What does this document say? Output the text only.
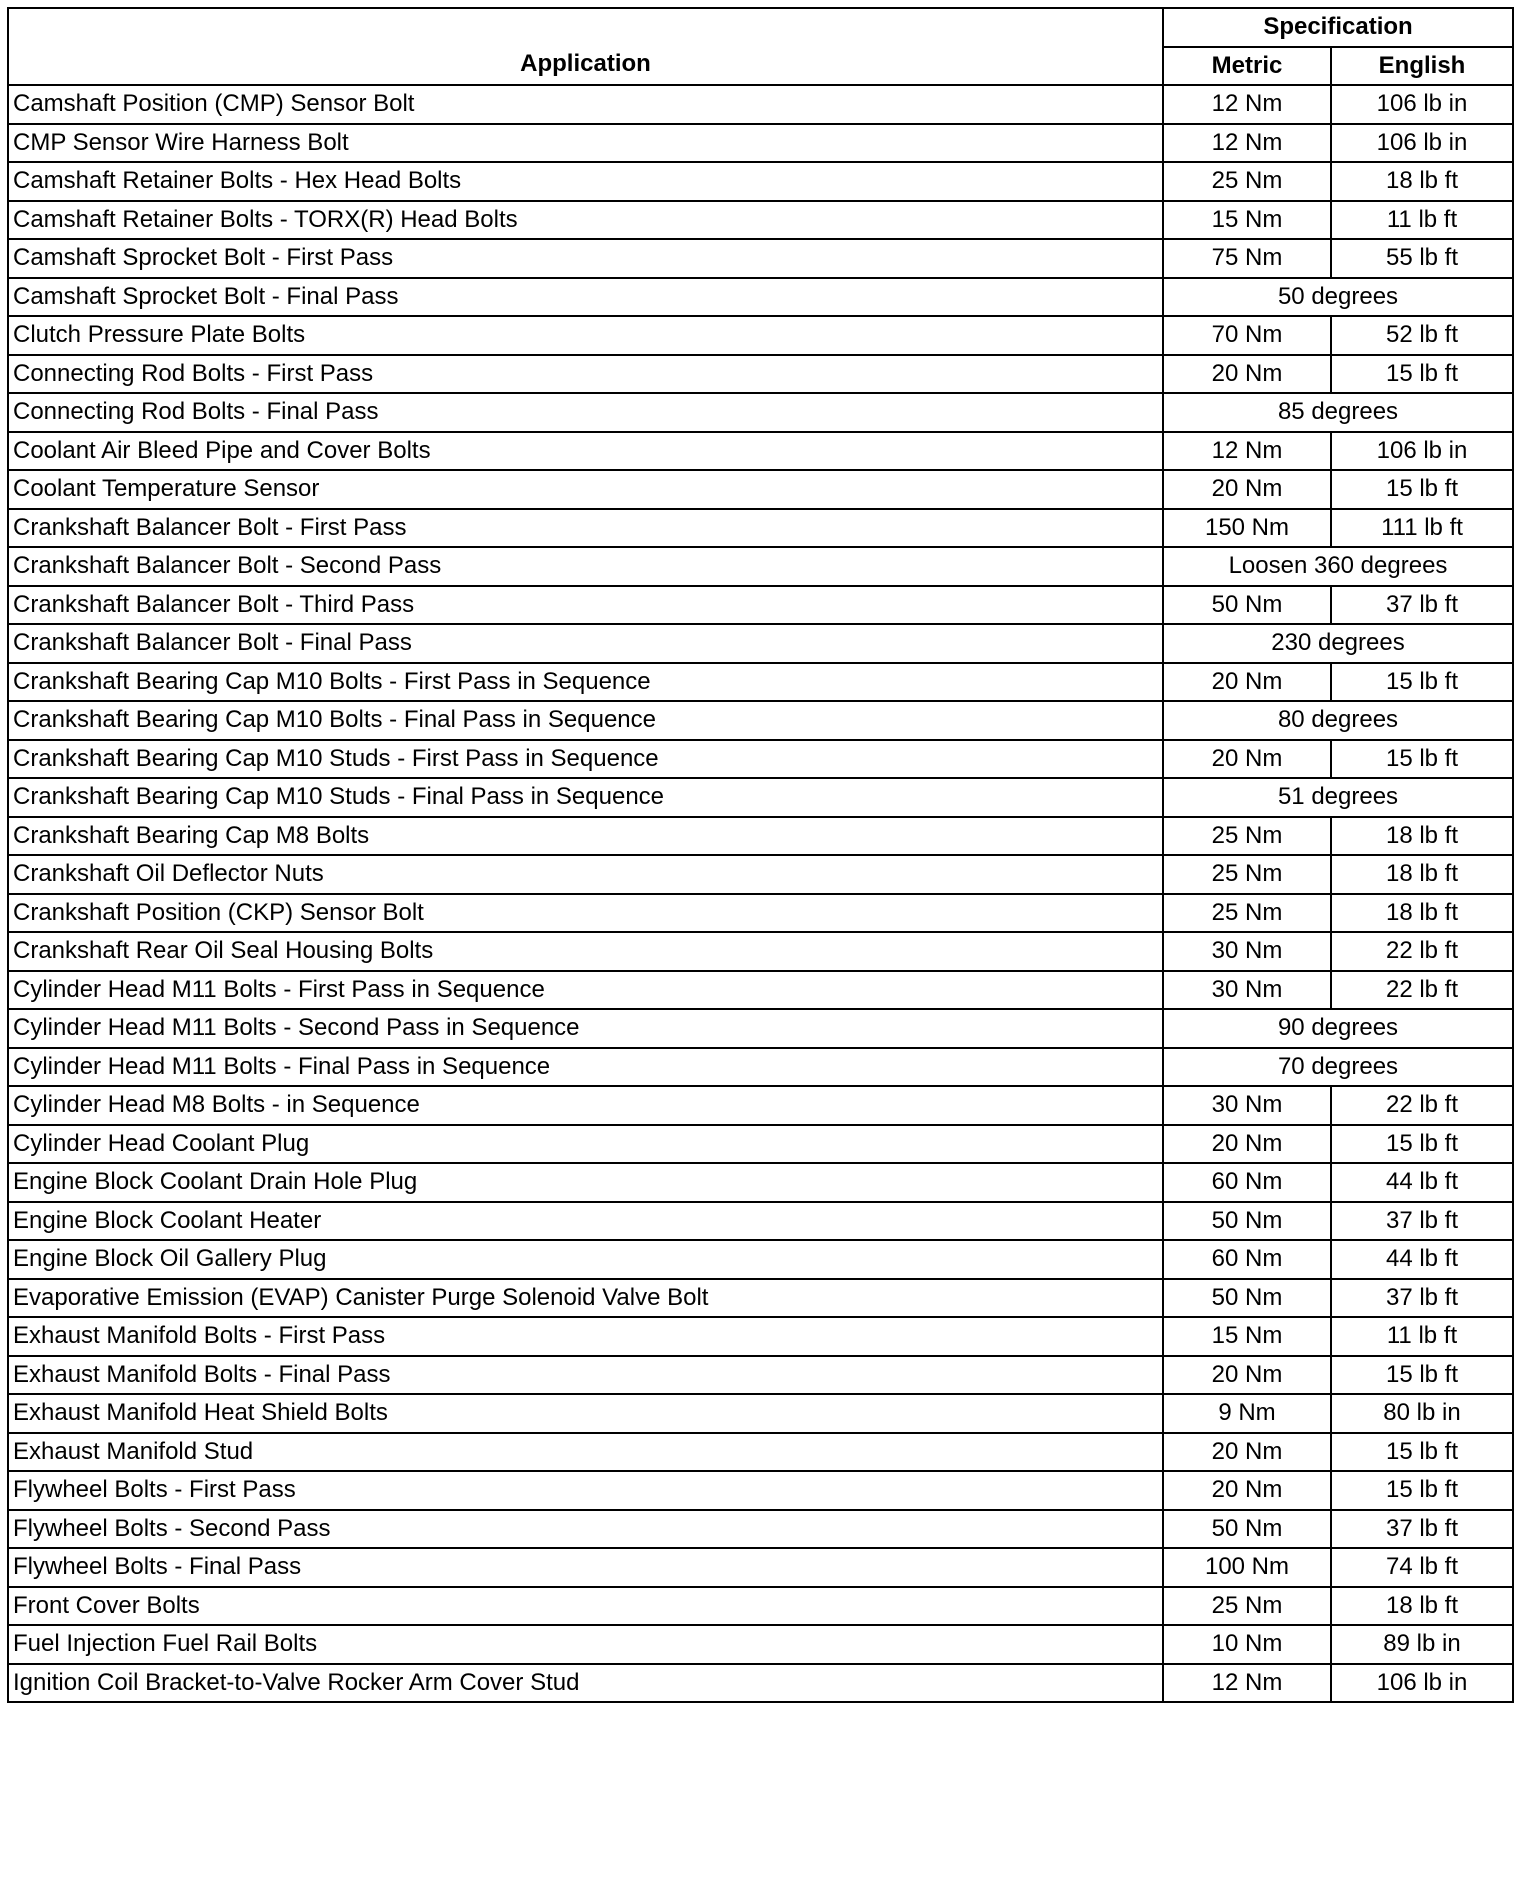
Application	Specification	
	Metric	English
Camshaft Position (CMP) Sensor Bolt	12 Nm	106 lb in
CMP Sensor Wire Harness Bolt	12 Nm	106 lb in
Camshaft Retainer Bolts - Hex Head Bolts	25 Nm	18 lb ft
Camshaft Retainer Bolts - TORX(R) Head Bolts	15 Nm	11 lb ft
Camshaft Sprocket Bolt - First Pass	75 Nm	55 lb ft
Camshaft Sprocket Bolt - Final Pass	50 degrees	
Clutch Pressure Plate Bolts	70 Nm	52 lb ft
Connecting Rod Bolts - First Pass	20 Nm	15 lb ft
Connecting Rod Bolts - Final Pass	85 degrees	
Coolant Air Bleed Pipe and Cover Bolts	12 Nm	106 lb in
Coolant Temperature Sensor	20 Nm	15 lb ft
Crankshaft Balancer Bolt - First Pass	150 Nm	111 lb ft
Crankshaft Balancer Bolt - Second Pass	Loosen 360 degrees	
Crankshaft Balancer Bolt - Third Pass	50 Nm	37 lb ft
Crankshaft Balancer Bolt - Final Pass	230 degrees	
Crankshaft Bearing Cap M10 Bolts - First Pass in Sequence	20 Nm	15 lb ft
Crankshaft Bearing Cap M10 Bolts - Final Pass in Sequence	80 degrees	
Crankshaft Bearing Cap M10 Studs - First Pass in Sequence	20 Nm	15 lb ft
Crankshaft Bearing Cap M10 Studs - Final Pass in Sequence	51 degrees	
Crankshaft Bearing Cap M8 Bolts	25 Nm	18 lb ft
Crankshaft Oil Deflector Nuts	25 Nm	18 lb ft
Crankshaft Position (CKP) Sensor Bolt	25 Nm	18 lb ft
Crankshaft Rear Oil Seal Housing Bolts	30 Nm	22 lb ft
Cylinder Head M11 Bolts - First Pass in Sequence	30 Nm	22 lb ft
Cylinder Head M11 Bolts - Second Pass in Sequence	90 degrees	
Cylinder Head M11 Bolts - Final Pass in Sequence	70 degrees	
Cylinder Head M8 Bolts - in Sequence	30 Nm	22 lb ft
Cylinder Head Coolant Plug	20 Nm	15 lb ft
Engine Block Coolant Drain Hole Plug	60 Nm	44 lb ft
Engine Block Coolant Heater	50 Nm	37 lb ft
Engine Block Oil Gallery Plug	60 Nm	44 lb ft
Evaporative Emission (EVAP) Canister Purge Solenoid Valve Bolt	50 Nm	37 lb ft
Exhaust Manifold Bolts - First Pass	15 Nm	11 lb ft
Exhaust Manifold Bolts - Final Pass	20 Nm	15 lb ft
Exhaust Manifold Heat Shield Bolts	9 Nm	80 lb in
Exhaust Manifold Stud	20 Nm	15 lb ft
Flywheel Bolts - First Pass	20 Nm	15 lb ft
Flywheel Bolts - Second Pass	50 Nm	37 lb ft
Flywheel Bolts - Final Pass	100 Nm	74 lb ft
Front Cover Bolts	25 Nm	18 lb ft
Fuel Injection Fuel Rail Bolts	10 Nm	89 lb in
Ignition Coil Bracket-to-Valve Rocker Arm Cover Stud	12 Nm	106 lb in
